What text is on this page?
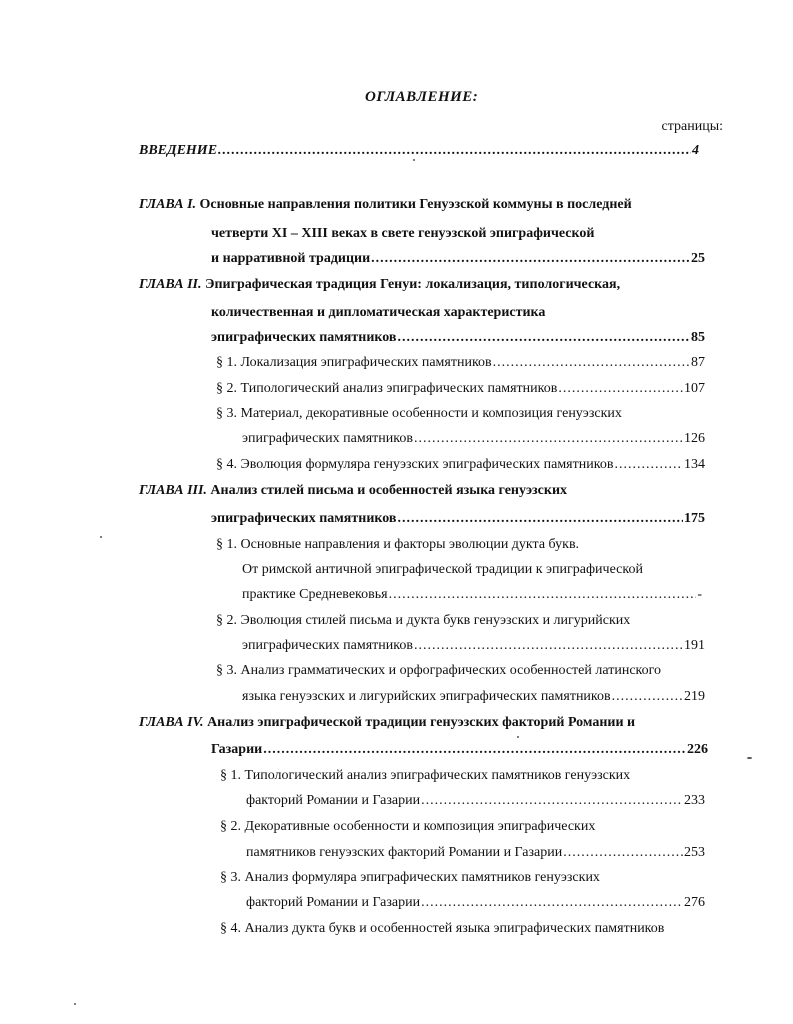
ОГЛАВЛЕНИЕ:
страницы:
ВВЕДЕНИЕ .....	4
ГЛАВА I. Основные направления политики Генуэзской коммуны в последней
четверти XI – XIII веках в свете генуэзской эпиграфической
и нарративной традиции .....	25
ГЛАВА II. Эпиграфическая традиция Генуи: локализация, типологическая,
количественная и дипломатическая характеристика
эпиграфических памятников .....	85
§ 1. Локализация эпиграфических памятников .....	87
§ 2. Типологический анализ эпиграфических памятников .....	107
§ 3. Материал, декоративные особенности и композиция генуэзских
эпиграфических памятников .....	126
§ 4. Эволюция формуляра генуэзских эпиграфических памятников .....	134
ГЛАВА III. Анализ стилей письма и особенностей языка генуэзских
эпиграфических памятников .....	175
§ 1. Основные направления и факторы эволюции дукта букв.
От римской античной эпиграфической традиции к эпиграфической
практике Средневековья .....	-
§ 2. Эволюция стилей письма и дукта букв генуэзских и лигурийских
эпиграфических памятников .....	191
§ 3. Анализ грамматических и орфографических особенностей латинского
языка генуэзских и лигурийских эпиграфических памятников .....	219
ГЛАВА IV. Анализ эпиграфической традиции генуэзских факторий Романии и
Газарии .....	226
§ 1. Типологический анализ эпиграфических памятников генуэзских
факторий Романии и Газарии .....	233
§ 2. Декоративные особенности и композиция эпиграфических
памятников генуэзских факторий Романии и Газарии .....	253
§ 3. Анализ формуляра эпиграфических памятников генуэзских
факторий Романии и Газарии .....	276
§ 4. Анализ дукта букв и особенностей языка эпиграфических памятников
